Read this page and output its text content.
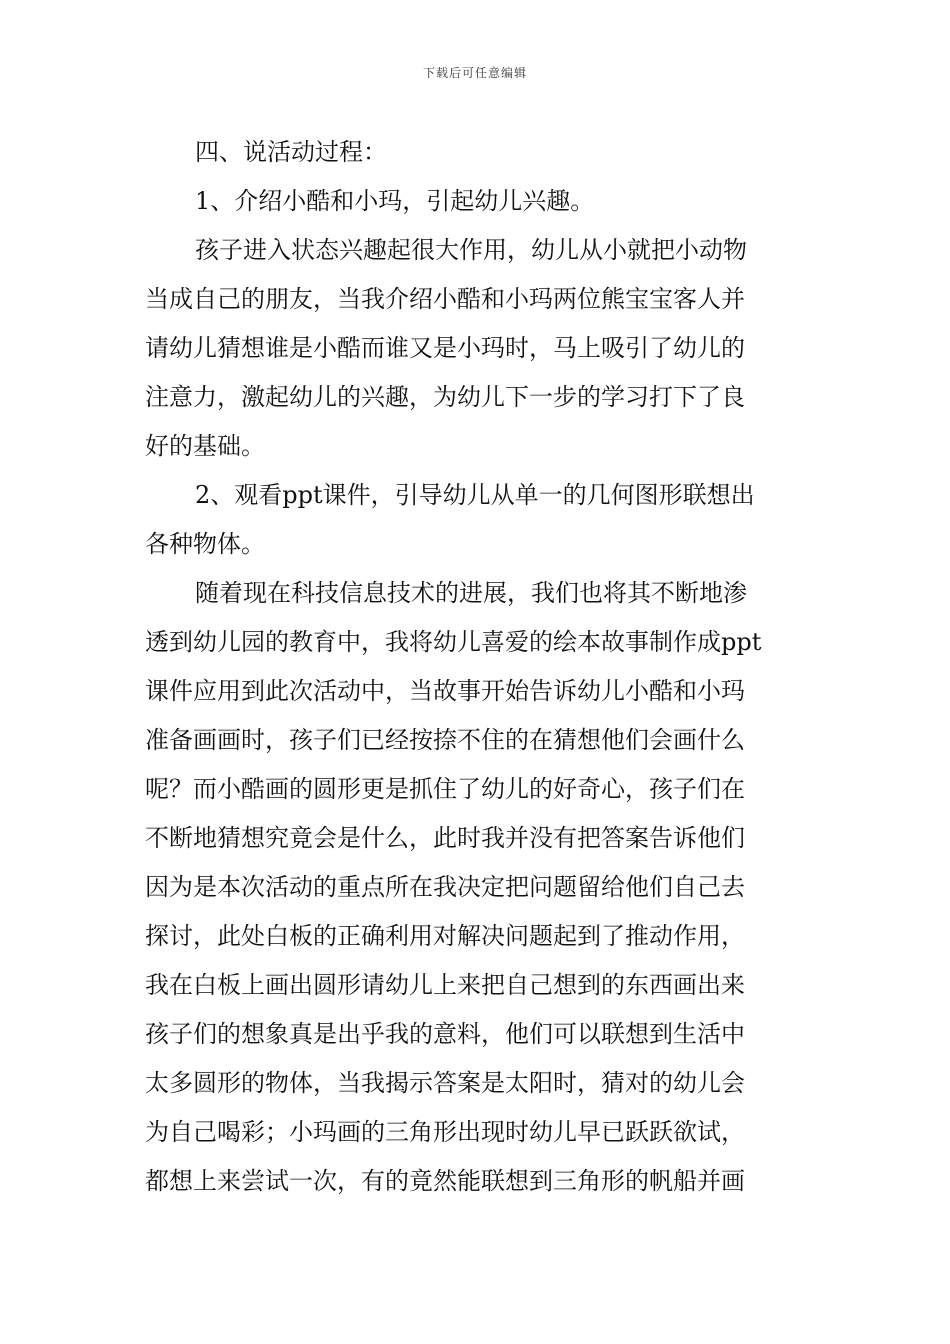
下载后可任意编辑
四、说活动过程：
1、介绍小酷和小玛，引起幼儿兴趣。
孩子进入状态兴趣起很大作用，幼儿从小就把小动物
当成自己的朋友，当我介绍小酷和小玛两位熊宝宝客人并
请幼儿猜想谁是小酷而谁又是小玛时，马上吸引了幼儿的
注意力，激起幼儿的兴趣，为幼儿下一步的学习打下了良
好的基础。
2、观看ppt课件，引导幼儿从单一的几何图形联想出
各种物体。
随着现在科技信息技术的进展，我们也将其不断地渗
透到幼儿园的教育中，我将幼儿喜爱的绘本故事制作成ppt
课件应用到此次活动中，当故事开始告诉幼儿小酷和小玛
准备画画时，孩子们已经按捺不住的在猜想他们会画什么
呢？而小酷画的圆形更是抓住了幼儿的好奇心，孩子们在
不断地猜想究竟会是什么，此时我并没有把答案告诉他们
因为是本次活动的重点所在我决定把问题留给他们自己去
探讨，此处白板的正确利用对解决问题起到了推动作用，
我在白板上画出圆形请幼儿上来把自己想到的东西画出来
孩子们的想象真是出乎我的意料，他们可以联想到生活中
太多圆形的物体，当我揭示答案是太阳时，猜对的幼儿会
为自己喝彩；小玛画的三角形出现时幼儿早已跃跃欲试，
都想上来尝试一次，有的竟然能联想到三角形的帆船并画
